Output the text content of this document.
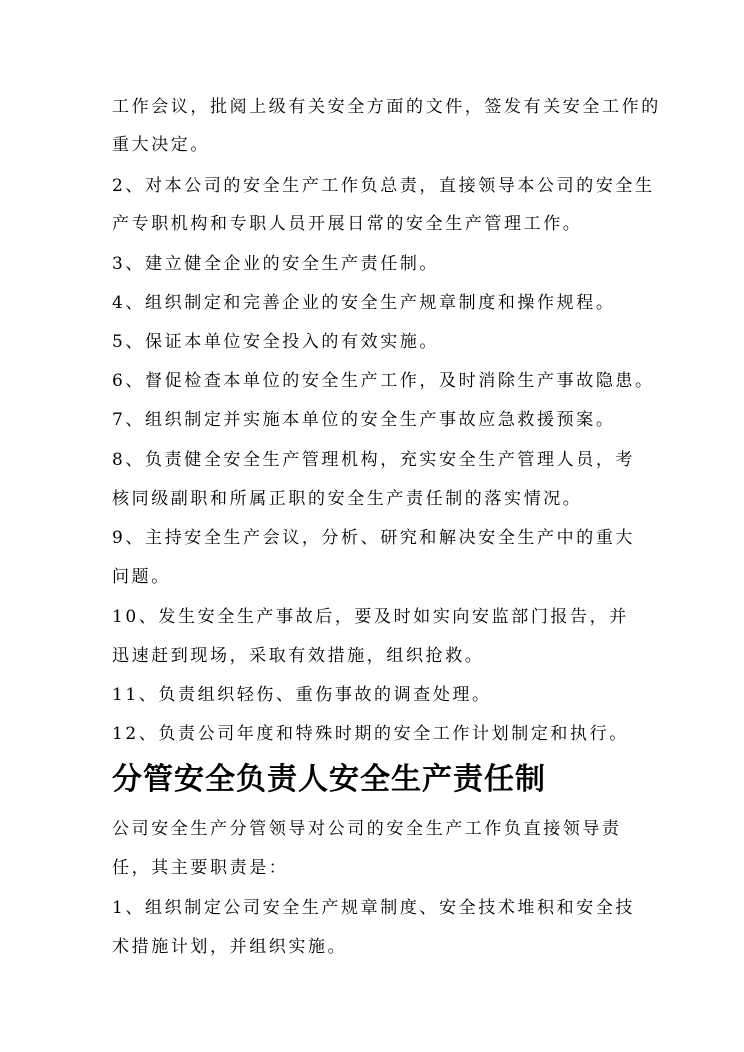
工作会议，批阅上级有关安全方面的文件，签发有关安全工作的
重大决定。
2、对本公司的安全生产工作负总责，直接领导本公司的安全生
产专职机构和专职人员开展日常的安全生产管理工作。
3、建立健全企业的安全生产责任制。
4、组织制定和完善企业的安全生产规章制度和操作规程。
5、保证本单位安全投入的有效实施。
6、督促检查本单位的安全生产工作，及时消除生产事故隐患。
7、组织制定并实施本单位的安全生产事故应急救援预案。
8、负责健全安全生产管理机构，充实安全生产管理人员，考
核同级副职和所属正职的安全生产责任制的落实情况。
9、主持安全生产会议，分析、研究和解决安全生产中的重大
问题。
10、发生安全生产事故后，要及时如实向安监部门报告，并
迅速赶到现场，采取有效措施，组织抢救。
11、负责组织轻伤、重伤事故的调查处理。
12、负责公司年度和特殊时期的安全工作计划制定和执行。
分管安全负责人安全生产责任制
公司安全生产分管领导对公司的安全生产工作负直接领导责
任，其主要职责是：
1、组织制定公司安全生产规章制度、安全技术堆积和安全技
术措施计划，并组织实施。
